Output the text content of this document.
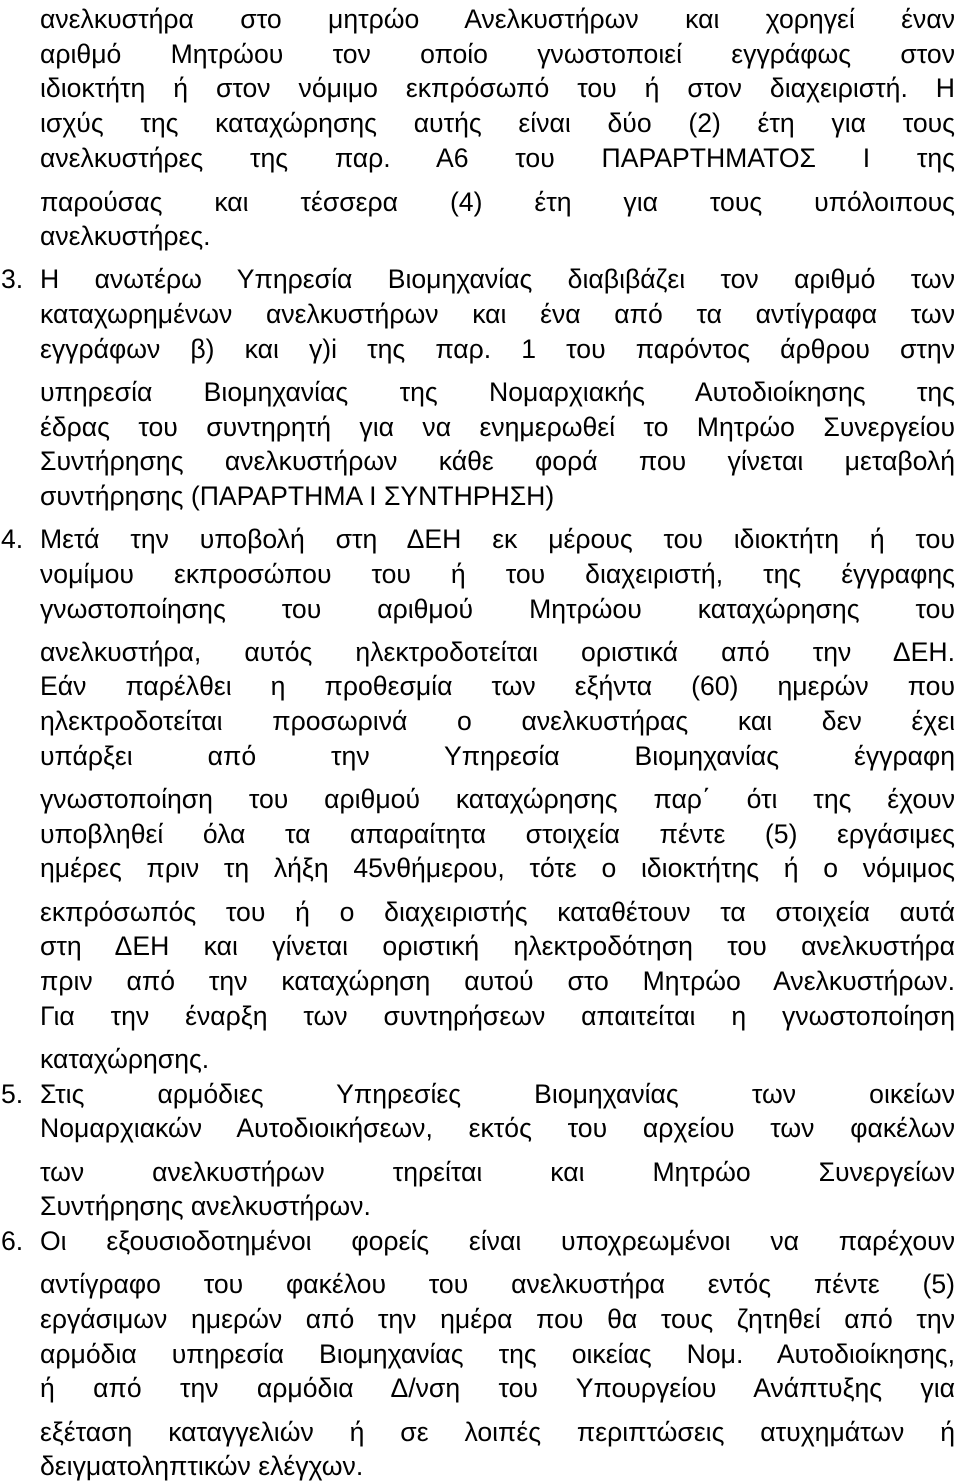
ανελκυστήρα στο μητρώο Ανελκυστήρων και χορηγεί έναν
αριθμό Μητρώου τον οποίο γνωστοποιεί εγγράφως στον
ιδιοκτήτη ή στον νόμιμο εκπρόσωπό του ή στον διαχειριστή. Η
ισχύς της καταχώρησης αυτής είναι δύο (2) έτη για τους
ανελκυστήρες της παρ. Α6 του ΠΑΡΑΡΤΗΜΑΤΟΣ Ι της
παρούσας και τέσσερα (4) έτη για τους υπόλοιπους
ανελκυστήρες.
3. Η ανωτέρω Υπηρεσία Βιομηχανίας διαβιβάζει τον αριθμό των
καταχωρημένων ανελκυστήρων και ένα από τα αντίγραφα των
εγγράφων β) και γ)i της παρ. 1 του παρόντος άρθρου στην
υπηρεσία Βιομηχανίας της Νομαρχιακής Αυτοδιοίκησης της
έδρας του συντηρητή για να ενημερωθεί το Μητρώο Συνεργείου
Συντήρησης ανελκυστήρων κάθε φορά που γίνεται μεταβολή
συντήρησης (ΠΑΡΑΡΤΗΜΑ Ι ΣΥΝΤΗΡΗΣΗ)
4. Μετά την υποβολή στη ΔΕΗ εκ μέρους του ιδιοκτήτη ή του
νομίμου εκπροσώπου του ή του διαχειριστή, της έγγραφης
γνωστοποίησης του αριθμού Μητρώου καταχώρησης του
ανελκυστήρα, αυτός ηλεκτροδοτείται οριστικά από την ΔΕΗ.
Εάν παρέλθει η προθεσμία των εξήντα (60) ημερών που
ηλεκτροδοτείται προσωρινά ο ανελκυστήρας και δεν έχει
υπάρξει από την Υπηρεσία Βιομηχανίας έγγραφη
γνωστοποίηση του αριθμού καταχώρησης παρ΄ ότι της έχουν
υποβληθεί όλα τα απαραίτητα στοιχεία πέντε (5) εργάσιμες
ημέρες πριν τη λήξη 45νθήμερου, τότε ο ιδιοκτήτης ή ο νόμιμος
εκπρόσωπός του ή ο διαχειριστής καταθέτουν τα στοιχεία αυτά
στη ΔΕΗ και γίνεται οριστική ηλεκτροδότηση του ανελκυστήρα
πριν από την καταχώρηση αυτού στο Μητρώο Ανελκυστήρων.
Για την έναρξη των συντηρήσεων απαιτείται η γνωστοποίηση
καταχώρησης.
5. Στις αρμόδιες Υπηρεσίες Βιομηχανίας των οικείων
Νομαρχιακών Αυτοδιοικήσεων, εκτός του αρχείου των φακέλων
των ανελκυστήρων τηρείται και Μητρώο Συνεργείων
Συντήρησης ανελκυστήρων.
6. Οι εξουσιοδοτημένοι φορείς είναι υποχρεωμένοι να παρέχουν
αντίγραφο του φακέλου του ανελκυστήρα εντός πέντε (5)
εργάσιμων ημερών από την ημέρα που θα τους ζητηθεί από την
αρμόδια υπηρεσία Βιομηχανίας της οικείας Νομ. Αυτοδιοίκησης,
ή από την αρμόδια Δ/νση του Υπουργείου Ανάπτυξης για
εξέταση καταγγελιών ή σε λοιπές περιπτώσεις ατυχημάτων ή
δειγματοληπτικών ελέγχων.
